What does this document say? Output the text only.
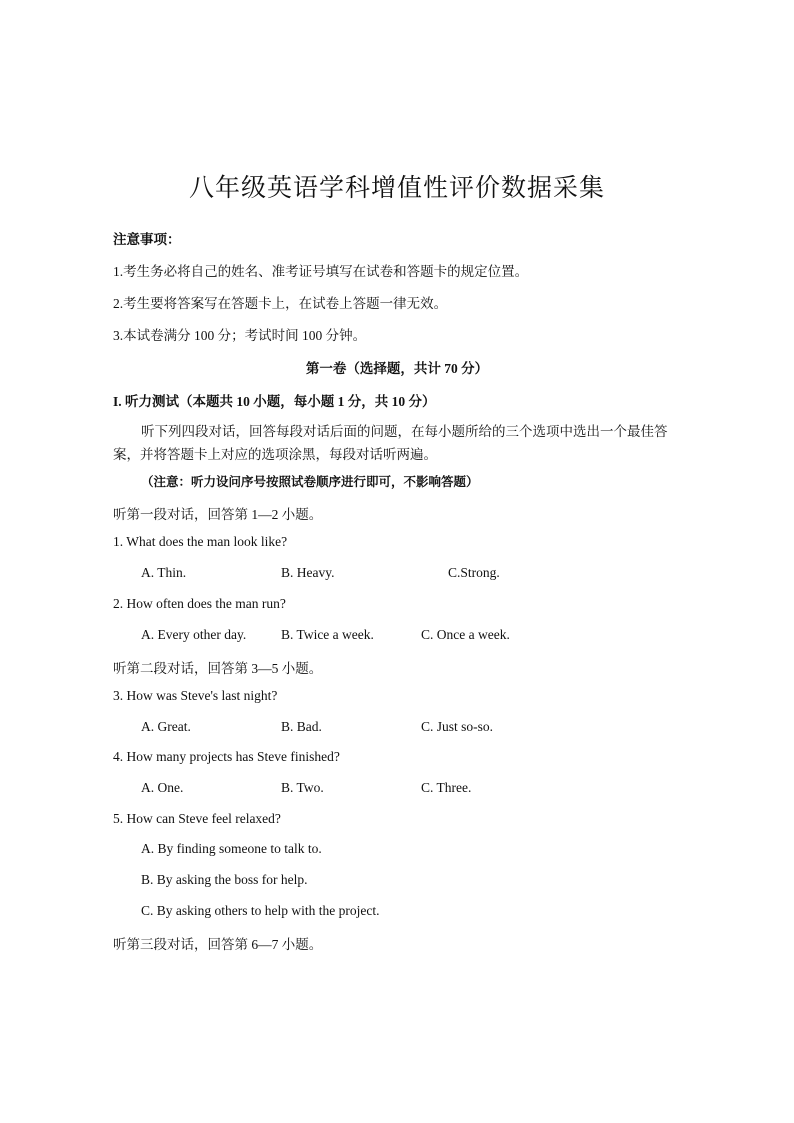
八年级英语学科增值性评价数据采集
注意事项：
1.考生务必将自己的姓名、准考证号填写在试卷和答题卡的规定位置。
2.考生要将答案写在答题卡上，在试卷上答题一律无效。
3.本试卷满分 100 分；考试时间 100 分钟。
第一卷（选择题，共计 70 分）
I. 听力测试（本题共 10 小题，每小题 1 分，共 10 分）
听下列四段对话，回答每段对话后面的问题，在每小题所给的三个选项中选出一个最佳答案，并将答题卡上对应的选项涂黑，每段对话听两遍。
（注意：听力设问序号按照试卷顺序进行即可，不影响答题）
听第一段对话，回答第 1—2 小题。
1. What does the man look like?
A. Thin.	B. Heavy.	C.Strong.
2. How often does the man run?
A. Every other day.	B. Twice a week.	C. Once a week.
听第二段对话，回答第 3—5 小题。
3. How was Steve's last night?
A. Great.	B. Bad.	C. Just so-so.
4. How many projects has Steve finished?
A. One.	B. Two.	C. Three.
5. How can Steve feel relaxed?
A. By finding someone to talk to.
B. By asking the boss for help.
C. By asking others to help with the project.
听第三段对话，回答第 6—7 小题。
